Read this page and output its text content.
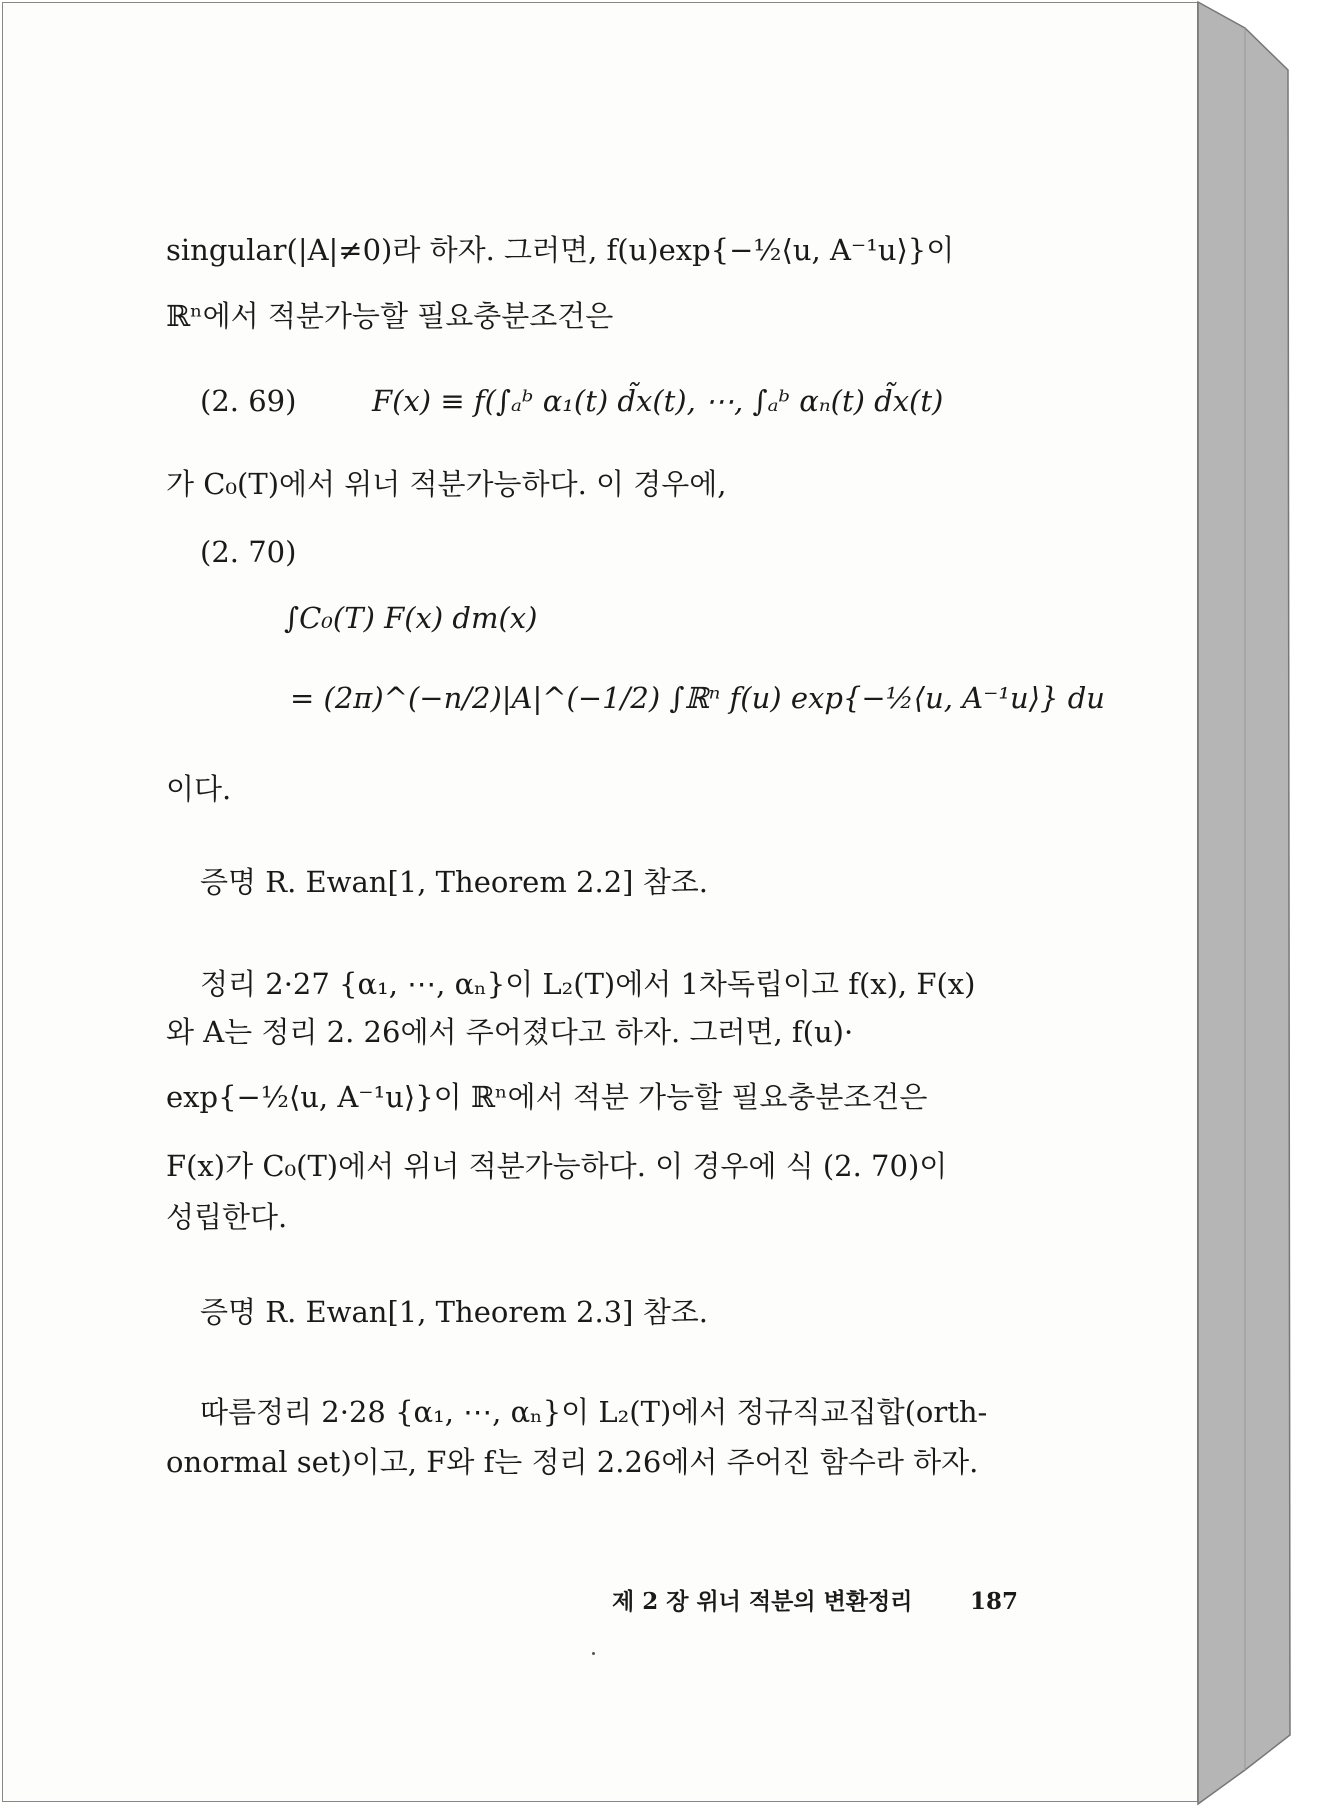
singular(|A|≠0)라 하자. 그러면, f(u)exp{−½⟨u, A⁻¹u⟩}이
ℝⁿ에서 적분가능할 필요충분조건은
(2. 69)	F(x) ≡ f(∫ₐᵇ α₁(t) d̃x(t), ⋯, ∫ₐᵇ αₙ(t) d̃x(t)
가 C₀(T)에서 위너 적분가능하다. 이 경우에,
(2. 70)
∫C₀(T) F(x) dm(x)
= (2π)^(−n/2)|A|^(−1/2) ∫ℝⁿ f(u) exp{−½⟨u, A⁻¹u⟩} du
이다.
증명 R. Ewan[1, Theorem 2.2] 참조.
정리 2·27 {α₁, ⋯, αₙ}이 L₂(T)에서 1차독립이고 f(x), F(x)
와 A는 정리 2. 26에서 주어졌다고 하자. 그러면, f(u)·
exp{−½⟨u, A⁻¹u⟩}이 ℝⁿ에서 적분 가능할 필요충분조건은
F(x)가 C₀(T)에서 위너 적분가능하다. 이 경우에 식 (2. 70)이
성립한다.
증명 R. Ewan[1, Theorem 2.3] 참조.
따름정리 2·28 {α₁, ⋯, αₙ}이 L₂(T)에서 정규직교집합(orth-
onormal set)이고, F와 f는 정리 2.26에서 주어진 함수라 하자.
제 2 장 위너 적분의 변환정리	187
